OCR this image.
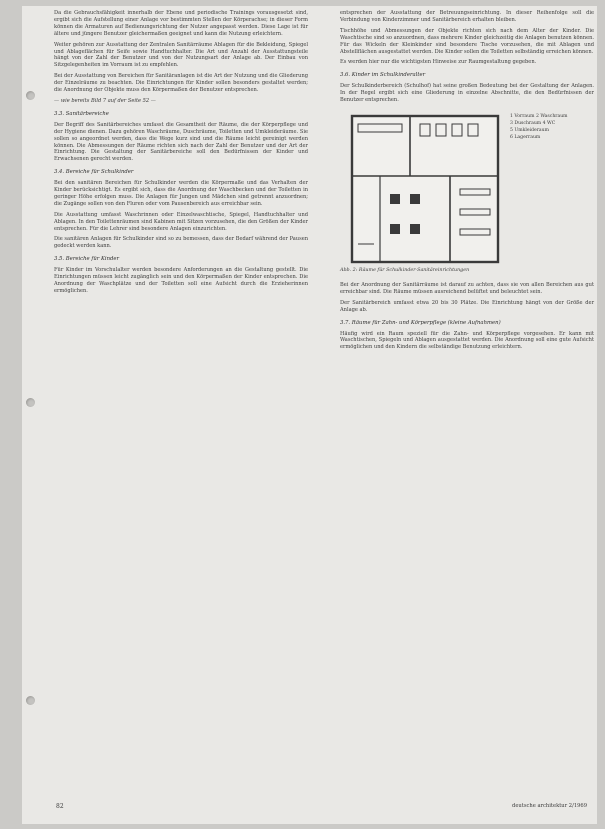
Da die Gebrauchsfähigkeit innerhalb der Ebene und periodische Trainings vorausgesetzt sind, ergibt sich die Aufstellung einer Anlage vor bestimmten Stellen der Körperachse; in dieser Form können die Armaturen auf Bedienungsrichtung der Nutzer angepasst werden. Diese Lage ist für ältere und jüngere Benutzer gleichermaßen geeignet und kann die Nutzung erleichtern.

Weiter gehören zur Ausstattung der Zentralen Sanitärräume Ablagen für die Bekleidung, Spiegel und Ablageflächen für Seife sowie Handtuchhalter. Die Art und Anzahl der Ausstattungsteile hängt von der Zahl der Benutzer und von der Nutzungsart der Anlage ab. Der Einbau von Sitzgelegenheiten im Vorraum ist zu empfehlen.

Bei der Ausstattung von Bereichen für Sanitäranlagen ist die Art der Nutzung und die Gliederung der Einzelräume zu beachten. Die Einrichtungen für Kinder sollen besonders gestaltet werden; die Anordnung der Objekte muss den Körpermaßen der Benutzer entsprechen.

— wie bereits Bild 7 auf der Seite 52 —

3.3. Sanitärbereiche

Der Begriff des Sanitärbereiches umfasst die Gesamtheit der Räume, die der Körperpflege und der Hygiene dienen. Dazu gehören Waschräume, Duschräume, Toiletten und Umkleideräume. Sie sollen so angeordnet werden, dass die Wege kurz sind und die Räume leicht gereinigt werden können. Die Abmessungen der Räume richten sich nach der Zahl der Benutzer und der Art der Einrichtung. Die Gestaltung der Sanitärbereiche soll den Bedürfnissen der Kinder und Erwachsenen gerecht werden.

3.4. Bereiche für Schulkinder

Bei den sanitären Bereichen für Schulkinder werden die Körpermaße und das Verhalten der Kinder berücksichtigt. Es ergibt sich, dass die Anordnung der Waschbecken und der Toiletten in geringer Höhe erfolgen muss. Die Anlagen für Jungen und Mädchen sind getrennt anzuordnen; die Zugänge sollen von den Fluren oder vom Pausenbereich aus erreichbar sein.

Die Ausstattung umfasst Waschrinnen oder Einzelwaschtische, Spiegel, Handtuchhalter und Ablagen. In den Toilettenräumen sind Kabinen mit Sitzen vorzusehen, die den Größen der Kinder entsprechen. Für die Lehrer sind besondere Anlagen einzurichten.

Die sanitären Anlagen für Schulkinder sind so zu bemessen, dass der Bedarf während der Pausen gedeckt werden kann.

3.5. Bereiche für Kinder

Für Kinder im Vorschulalter werden besondere Anforderungen an die Gestaltung gestellt. Die Einrichtungen müssen leicht zugänglich sein und den Körpermaßen der Kinder entsprechen. Die Anordnung der Waschplätze und der Toiletten soll eine Aufsicht durch die Erzieherinnen ermöglichen.

entsprechen der Ausstattung der Betreuungseinrichtung. In dieser Reihenfolge soll die Verbindung von Kinderzimmer und Sanitärbereich erhalten bleiben.

Tischhöhe und Abmessungen der Objekte richten sich nach dem Alter der Kinder. Die Waschtische sind so anzuordnen, dass mehrere Kinder gleichzeitig die Anlagen benutzen können. Für das Wickeln der Kleinkinder sind besondere Tische vorzusehen, die mit Ablagen und Abstellflächen ausgestattet werden. Die Kinder sollen die Toiletten selbständig erreichen können.

Es werden hier nur die wichtigsten Hinweise zur Raumgestaltung gegeben.

3.6. Kinder im Schulkinderalter

Der Schulkinderbereich (Schulhof) hat seine großen Bedeutung bei der Gestaltung der Anlagen. In der Regel ergibt sich eine Gliederung in einzelne Abschnitte, die den Bedürfnissen der Benutzer entsprechen.

1 Vorraum 2 Waschraum
3 Duschraum 4 WC
5 Umkleideraum
6 Lagerraum
Abb. 2: Räume für Schulkinder-Sanitäreinrichtungen

Bei der Anordnung der Sanitärräume ist darauf zu achten, dass sie von allen Bereichen aus gut erreichbar sind. Die Räume müssen ausreichend belüftet und beleuchtet sein.

Der Sanitärbereich umfasst etwa 20 bis 30 Plätze. Die Einrichtung hängt von der Größe der Anlage ab.

3.7. Räume für Zahn- und Körperpflege (kleine Aufnahmen)

Häufig wird ein Raum speziell für die Zahn- und Körperpflege vorgesehen. Er kann mit Waschtischen, Spiegeln und Ablagen ausgestattet werden. Die Anordnung soll eine gute Aufsicht ermöglichen und den Kindern die selbständige Benutzung erleichtern.

82	deutsche architektur 2/1969
